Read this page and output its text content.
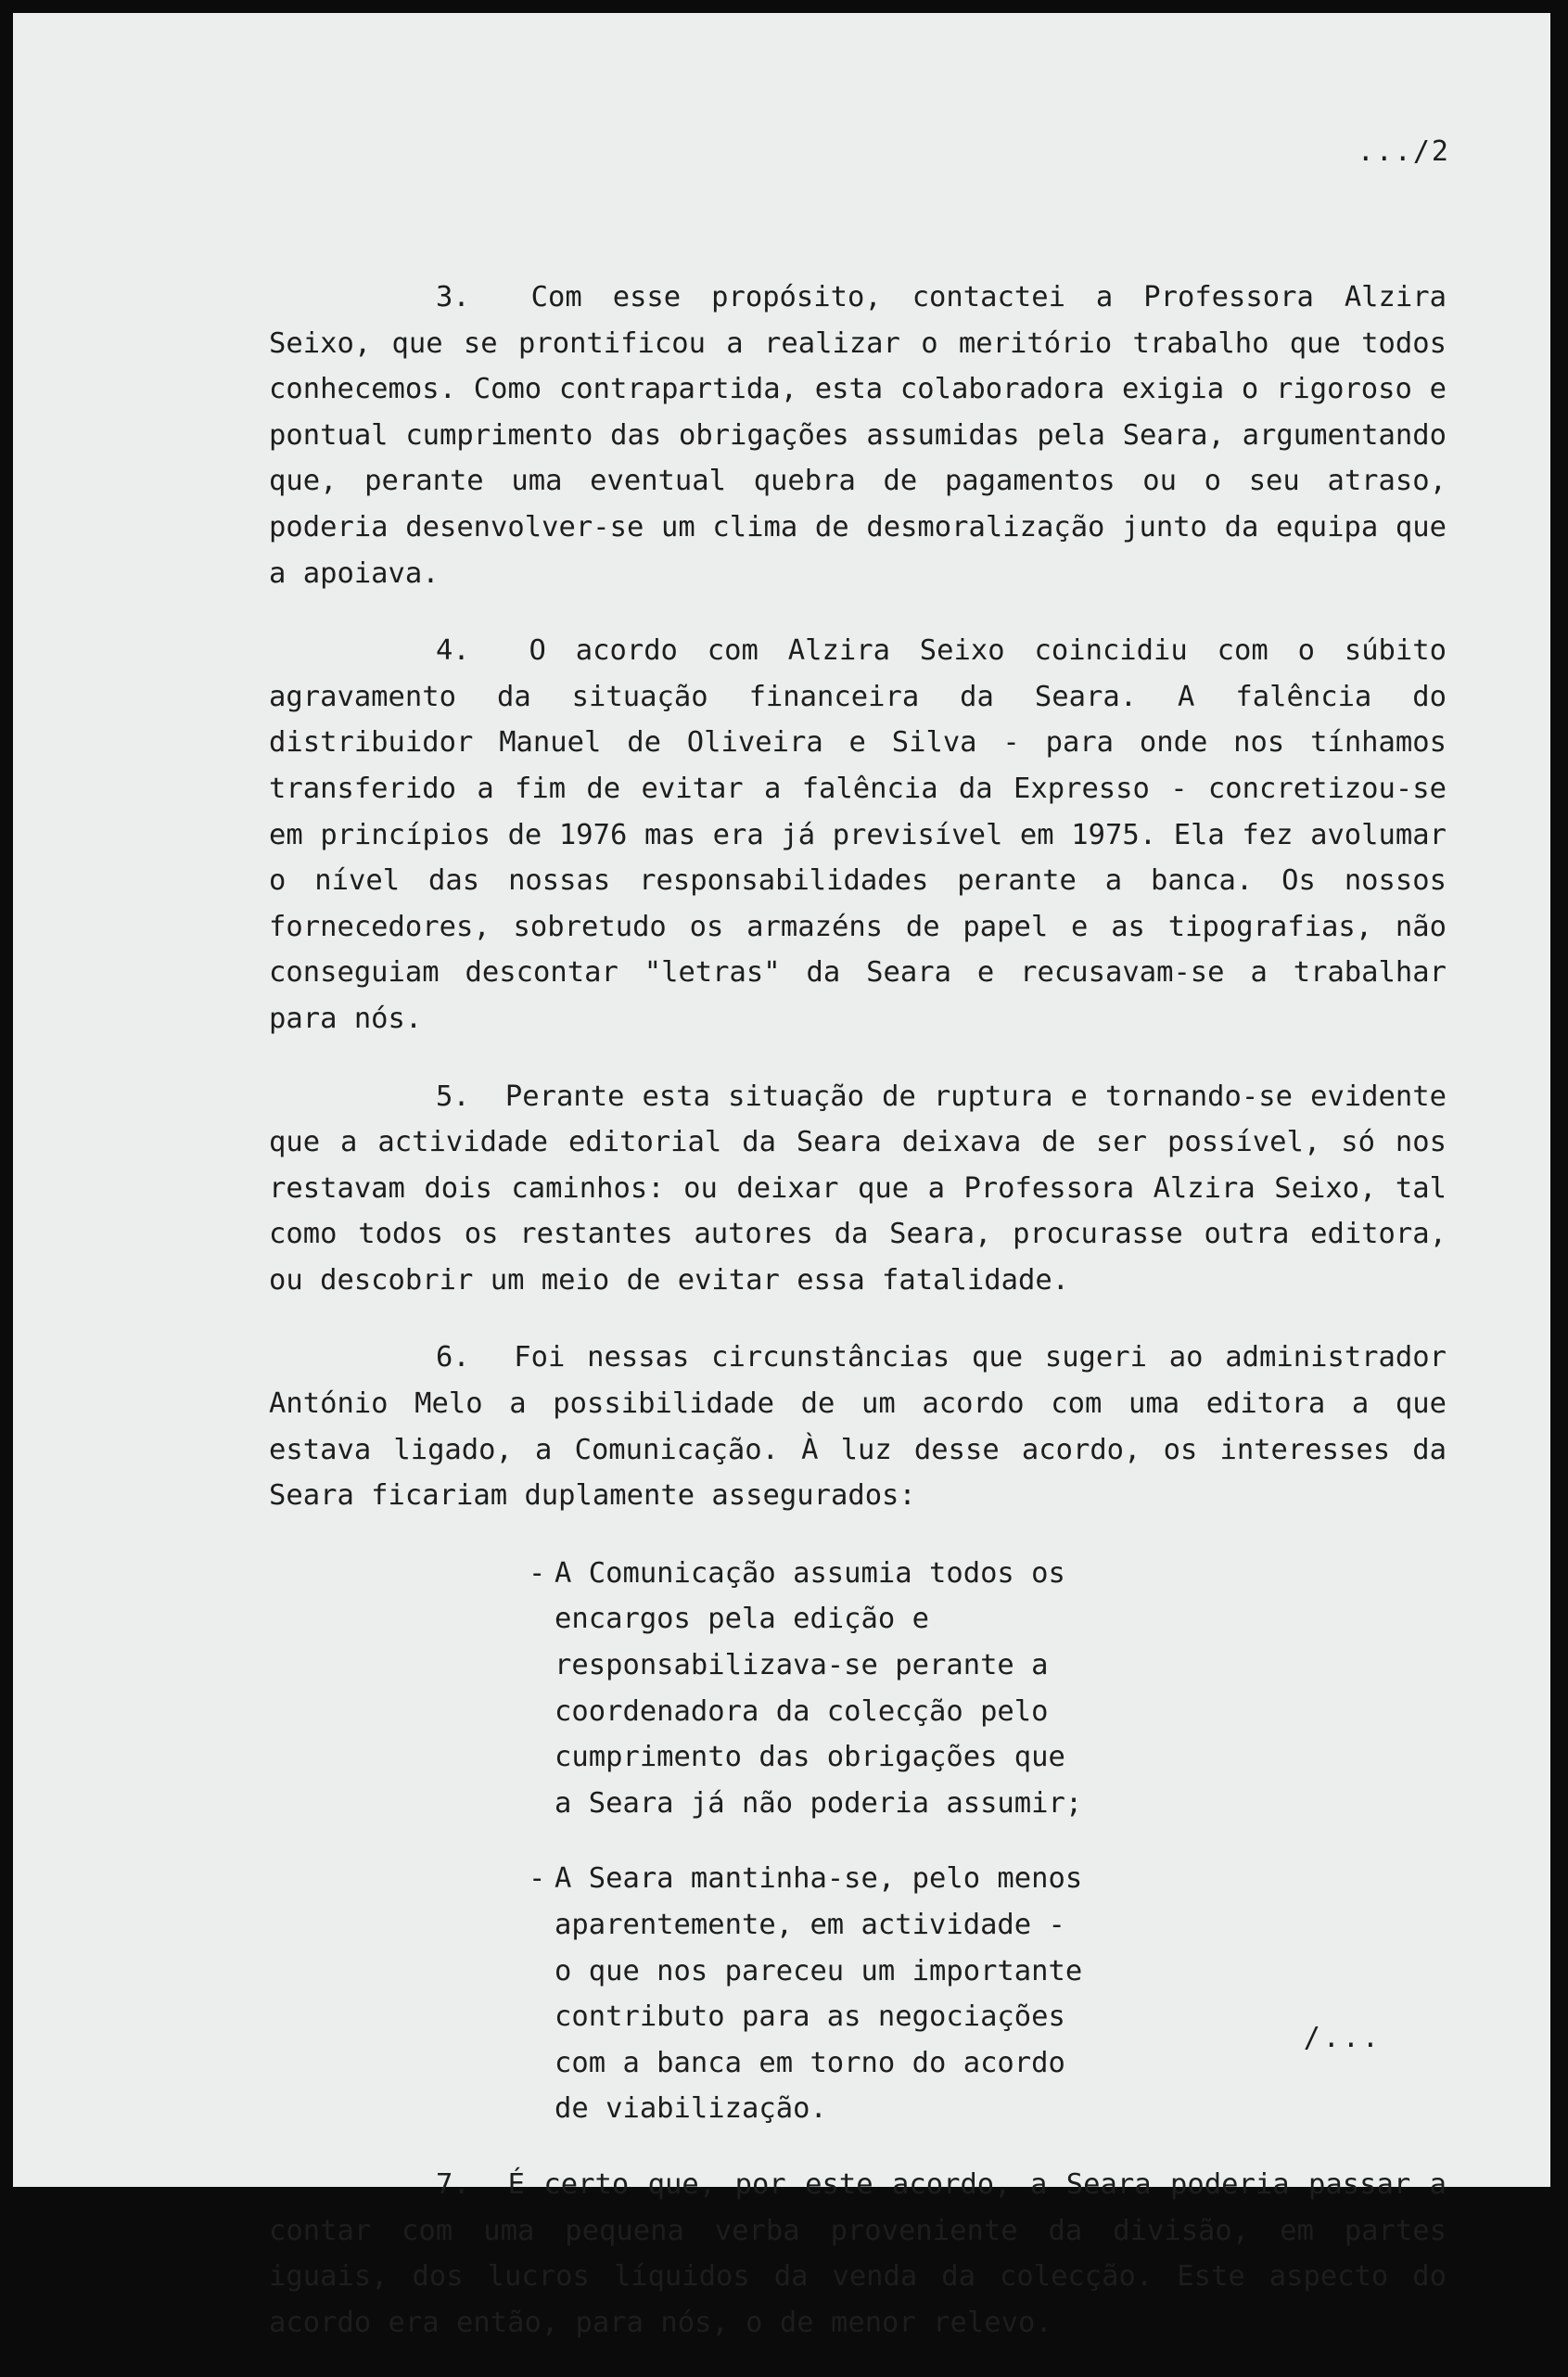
.../2

3. Com esse propósito, contactei a Professora Alzira Seixo, que se prontificou a realizar o meritório trabalho que todos conhecemos. Como contrapartida, esta colaboradora exigia o rigoroso e pontual cumprimento das obrigações assumidas pela Seara, argumentando que, perante uma eventual quebra de pagamentos ou o seu atraso, poderia desenvolver-se um clima de desmoralização junto da equipa que a apoiava.

4. O acordo com Alzira Seixo coincidiu com o súbito agravamento da situação financeira da Seara. A falência do distribuidor Manuel de Oliveira e Silva - para onde nos tínhamos transferido a fim de evitar a falência da Expresso - concretizou-se em princípios de 1976 mas era já previsível em 1975. Ela fez avolumar o nível das nossas responsabilidades perante a banca. Os nossos fornecedores, sobretudo os armazéns de papel e as tipografias, não conseguiam descontar "letras" da Seara e recusavam-se a trabalhar para nós.

5. Perante esta situação de ruptura e tornando-se evidente que a actividade editorial da Seara deixava de ser possível, só nos restavam dois caminhos: ou deixar que a Professora Alzira Seixo, tal como todos os restantes autores da Seara, procurasse outra editora, ou descobrir um meio de evitar essa fatalidade.

6. Foi nessas circunstâncias que sugeri ao administrador António Melo a possibilidade de um acordo com uma editora a que estava ligado, a Comunicação. À luz desse acordo, os interesses da Seara ficariam duplamente assegurados:

- A Comunicação assumia todos os encargos pela edição e responsabilizava-se perante a coordenadora da colecção pelo cumprimento das obrigações que a Seara já não poderia assumir;
- A Seara mantinha-se, pelo menos aparentemente, em actividade - o que nos pareceu um importante contributo para as negociações com a banca em torno do acordo de viabilização.

7. É certo que, por este acordo, a Seara poderia passar a contar com uma pequena verba proveniente da divisão, em partes iguais, dos lucros líquidos da venda da colecção. Este aspecto do acordo era então, para nós, o de menor relevo.

/...
